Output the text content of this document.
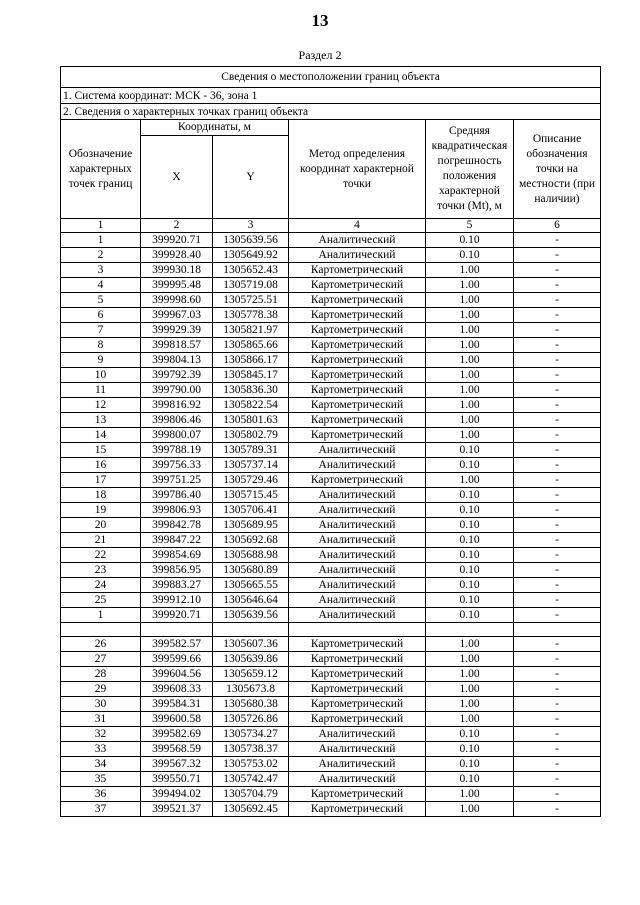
13
Раздел 2
Сведения о местоположении границ объекта					
1. Система координат: МСК - 36, зона 1					
2. Сведения о характерных точках границ объекта					
Обозначение характерных точек границ	Координаты, м		Метод определения координат характерной точки	Средняя квадратическая погрешность положения характерной точки (Mt), м	Описание обозначения точки на местности (при наличии)
	X	Y			
1	2	3	4	5	6
1	399920.71	1305639.56	Аналитический	0.10	-
2	399928.40	1305649.92	Аналитический	0.10	-
3	399930.18	1305652.43	Картометрический	1.00	-
4	399995.48	1305719.08	Картометрический	1.00	-
5	399998.60	1305725.51	Картометрический	1.00	-
6	399967.03	1305778.38	Картометрический	1.00	-
7	399929.39	1305821.97	Картометрический	1.00	-
8	399818.57	1305865.66	Картометрический	1.00	-
9	399804.13	1305866.17	Картометрический	1.00	-
10	399792.39	1305845.17	Картометрический	1.00	-
11	399790.00	1305836.30	Картометрический	1.00	-
12	399816.92	1305822.54	Картометрический	1.00	-
13	399806.46	1305801.63	Картометрический	1.00	-
14	399800.07	1305802.79	Картометрический	1.00	-
15	399788.19	1305789.31	Аналитический	0.10	-
16	399756.33	1305737.14	Аналитический	0.10	-
17	399751.25	1305729.46	Картометрический	1.00	-
18	399786.40	1305715.45	Аналитический	0.10	-
19	399806.93	1305706.41	Аналитический	0.10	-
20	399842.78	1305689.95	Аналитический	0.10	-
21	399847.22	1305692.68	Аналитический	0.10	-
22	399854.69	1305688.98	Аналитический	0.10	-
23	399856.95	1305680.89	Аналитический	0.10	-
24	399883.27	1305665.55	Аналитический	0.10	-
25	399912.10	1305646.64	Аналитический	0.10	-
1	399920.71	1305639.56	Аналитический	0.10	-

26	399582.57	1305607.36	Картометрический	1.00	-
27	399599.66	1305639.86	Картометрический	1.00	-
28	399604.56	1305659.12	Картометрический	1.00	-
29	399608.33	1305673.8	Картометрический	1.00	-
30	399584.31	1305680.38	Картометрический	1.00	-
31	399600.58	1305726.86	Картометрический	1.00	-
32	399582.69	1305734.27	Аналитический	0.10	-
33	399568.59	1305738.37	Аналитический	0.10	-
34	399567.32	1305753.02	Аналитический	0.10	-
35	399550.71	1305742.47	Аналитический	0.10	-
36	399494.02	1305704.79	Картометрический	1.00	-
37	399521.37	1305692.45	Картометрический	1.00	-
